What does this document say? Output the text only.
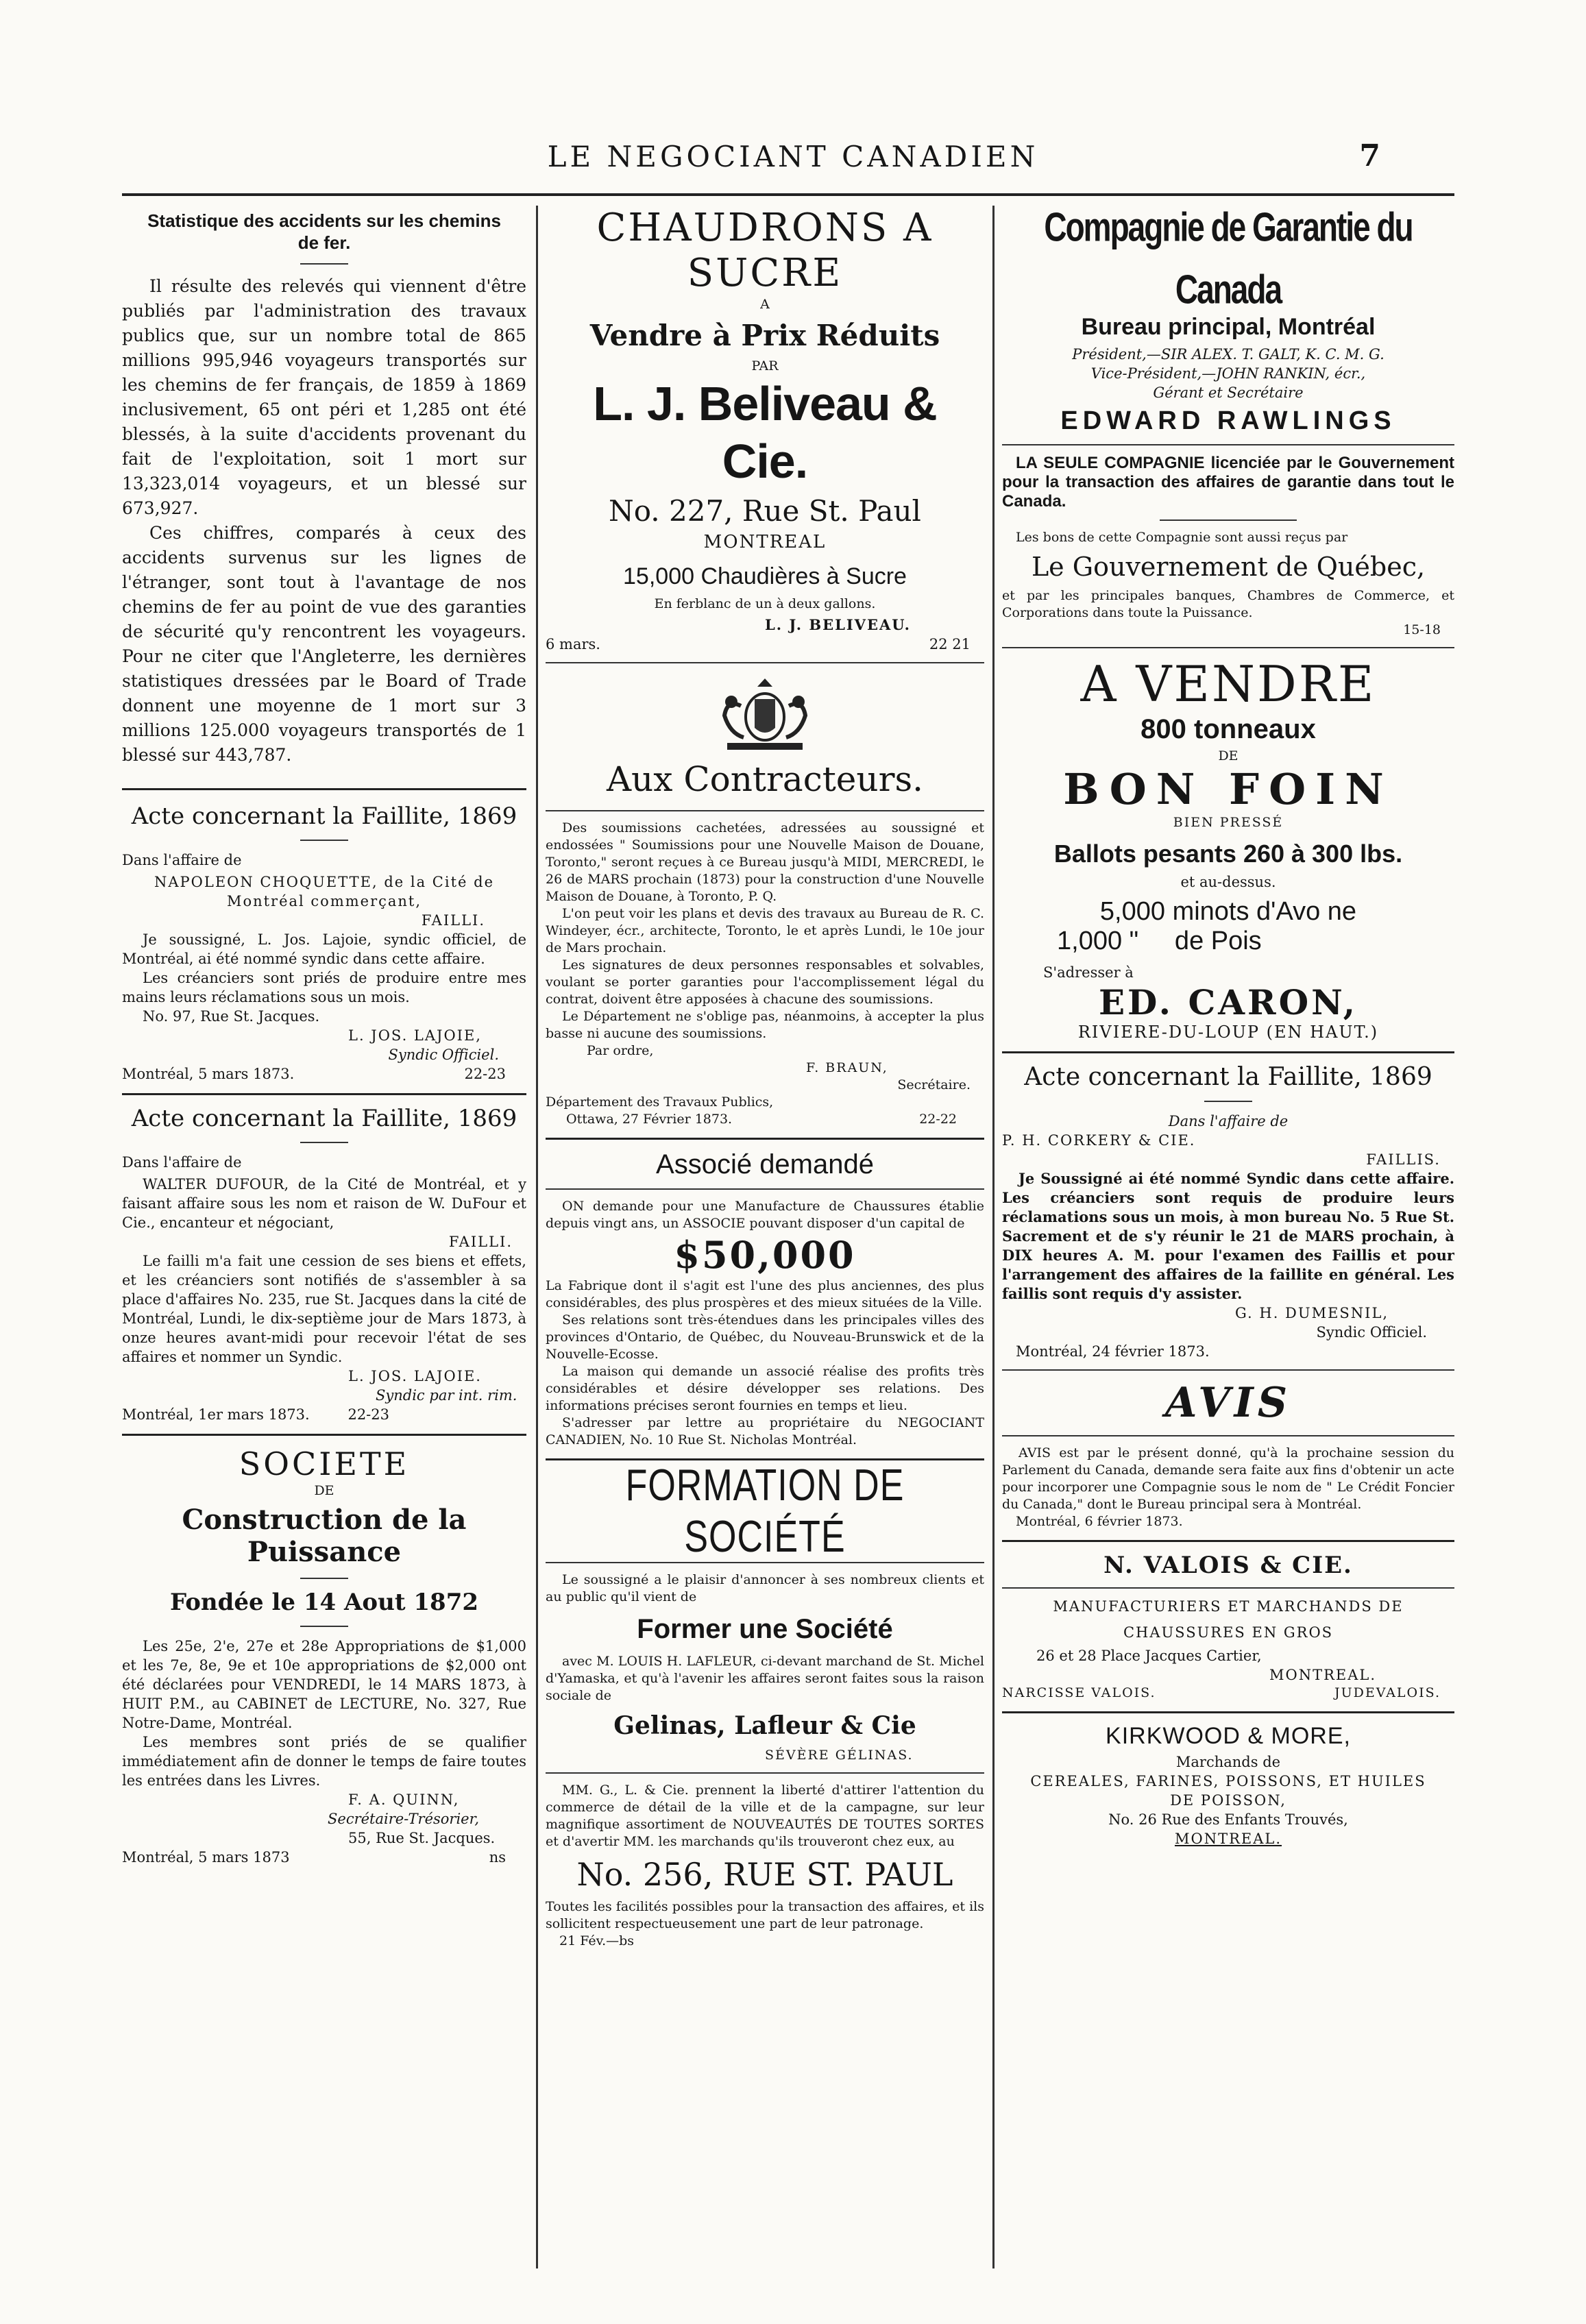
LE NEGOCIANT CANADIEN	7
Statistique des accidents sur les chemins de fer.

Il résulte des relevés qui viennent d'être publiés par l'administration des travaux publics que, sur un nombre total de 865 millions 995,946 voyageurs transportés sur les chemins de fer français, de 1859 à 1869 inclusivement, 65 ont péri et 1,285 ont été blessés, à la suite d'accidents provenant du fait de l'exploitation, soit 1 mort sur 13,323,014 voyageurs, et un blessé sur 673,927.

Ces chiffres, comparés à ceux des accidents survenus sur les lignes de l'étranger, sont tout à l'avantage de nos chemins de fer au point de vue des garanties de sécurité qu'y rencontrent les voyageurs. Pour ne citer que l'Angleterre, les dernières statistiques dressées par le Board of Trade donnent une moyenne de 1 mort sur 3 millions 125.000 voyageurs transportés de 1 blessé sur 443,787.

Acte concernant la Faillite, 1869
Dans l'affaire de

NAPOLEON CHOQUETTE, de la Cité de Montréal commerçant,

FAILLI.

Je soussigné, L. Jos. Lajoie, syndic officiel, de Montréal, ai été nommé syndic dans cette affaire.

Les créanciers sont priés de produire entre mes mains leurs réclamations sous un mois.

No. 97, Rue St. Jacques.
L. JOS. LAJOIE,
Syndic Officiel.
Montréal, 5 mars 1873.	22-23
Acte concernant la Faillite, 1869
Dans l'affaire de

WALTER DUFOUR, de la Cité de Montréal, et y faisant affaire sous les nom et raison de W. DuFour et Cie., encanteur et négociant,

FAILLI.

Le failli m'a fait une cession de ses biens et effets, et les créanciers sont notifiés de s'assembler à sa place d'affaires No. 235, rue St. Jacques dans la cité de Montréal, Lundi, le dix-septième jour de Mars 1873, à onze heures avant-midi pour recevoir l'état de ses affaires et nommer un Syndic.

L. JOS. LAJOIE.
Syndic par int. rim.
Montréal, 1er mars 1873.	22-23
SOCIETE
DE
Construction de la Puissance
Fondée le 14 Aout 1872

Les 25e, 2'e, 27e et 28e Appropriations de $1,000 et les 7e, 8e, 9e et 10e appropriations de $2,000 ont été déclarées pour VENDREDI, le 14 MARS 1873, à HUIT P.M., au CABINET de LECTURE, No. 327, Rue Notre-Dame, Montréal.

Les membres sont priés de se qualifier immédiatement afin de donner le temps de faire toutes les entrées dans les Livres.

F. A. QUINN,
Secrétaire-Trésorier,
55, Rue St. Jacques.
Montréal, 5 mars 1873	ns
CHAUDRONS A SUCRE
A
Vendre à Prix Réduits
PAR
L. J. Beliveau & Cie.
No. 227, Rue St. Paul
MONTREAL
15,000 Chaudières à Sucre
En ferblanc de un à deux gallons.
L. J. BELIVEAU.
6 mars.	22 21
Aux Contracteurs.

Des soumissions cachetées, adressées au soussigné et endossées " Soumissions pour une Nouvelle Maison de Douane, Toronto," seront reçues à ce Bureau jusqu'à MIDI, MERCREDI, le 26 de MARS prochain (1873) pour la construction d'une Nouvelle Maison de Douane, à Toronto, P. Q.

L'on peut voir les plans et devis des travaux au Bureau de R. C. Windeyer, écr., architecte, Toronto, le et après Lundi, le 10e jour de Mars prochain.

Les signatures de deux personnes responsables et solvables, voulant se porter garanties pour l'accomplissement légal du contrat, doivent être apposées à chacune des soumissions.

Le Département ne s'oblige pas, néanmoins, à accepter la plus basse ni aucune des soumissions.

Par ordre,
F. BRAUN,
Secrétaire.
Département des Travaux Publics,
Ottawa, 27 Février 1873.	22-22
Associé demandé

ON demande pour une Manufacture de Chaussures établie depuis vingt ans, un ASSOCIE pouvant disposer d'un capital de

$50,000

La Fabrique dont il s'agit est l'une des plus anciennes, des plus considérables, des plus prospères et des mieux situées de la Ville.

Ses relations sont très-étendues dans les principales villes des provinces d'Ontario, de Québec, du Nouveau-Brunswick et de la Nouvelle-Ecosse.

La maison qui demande un associé réalise des profits très considérables et désire développer ses relations. Des informations précises seront fournies en temps et lieu.

S'adresser par lettre au propriétaire du NEGOCIANT CANADIEN, No. 10 Rue St. Nicholas Montréal.

FORMATION DE SOCIÉTÉ

Le soussigné a le plaisir d'annoncer à ses nombreux clients et au public qu'il vient de

Former une Société

avec M. LOUIS H. LAFLEUR, ci-devant marchand de St. Michel d'Yamaska, et qu'à l'avenir les affaires seront faites sous la raison sociale de

Gelinas, Lafleur & Cie
SÉVÈRE GÉLINAS.

MM. G., L. & Cie. prennent la liberté d'attirer l'attention du commerce de détail de la ville et de la campagne, sur leur magnifique assortiment de NOUVEAUTÉS DE TOUTES SORTES et d'avertir MM. les marchands qu'ils trouveront chez eux, au

No. 256, RUE ST. PAUL

Toutes les facilités possibles pour la transaction des affaires, et ils sollicitent respectueusement une part de leur patronage.

21 Fév.—bs
Compagnie de Garantie du Canada
Bureau principal, Montréal
Président,—SIR ALEX. T. GALT, K. C. M. G.
Vice-Président,—JOHN RANKIN, écr.,
Gérant et Secrétaire
EDWARD RAWLINGS

LA SEULE COMPAGNIE licenciée par le Gouvernement pour la transaction des affaires de garantie dans tout le Canada.

Les bons de cette Compagnie sont aussi reçus par

Le Gouvernement de Québec,

et par les principales banques, Chambres de Commerce, et Corporations dans toute la Puissance.

15-18
A VENDRE
800 tonneaux
DE
BON FOIN
BIEN PRESSÉ
Ballots pesants 260 à 300 lbs.
et au-dessus.
5,000 minots d'Avo ne
1,000 "     de Pois
S'adresser à
ED. CARON,
RIVIERE-DU-LOUP (EN HAUT.)
Acte concernant la Faillite, 1869
Dans l'affaire de
P. H. CORKERY & CIE.
FAILLIS.

Je Soussigné ai été nommé Syndic dans cette affaire. Les créanciers sont requis de produire leurs réclamations sous un mois, à mon bureau No. 5 Rue St. Sacrement et de s'y réunir le 21 de MARS prochain, à DIX heures A. M. pour l'examen des Faillis et pour l'arrangement des affaires de la faillite en général. Les faillis sont requis d'y assister.

G. H. DUMESNIL,
Syndic Officiel.
Montréal, 24 février 1873.
AVIS

AVIS est par le présent donné, qu'à la prochaine session du Parlement du Canada, demande sera faite aux fins d'obtenir un acte pour incorporer une Compagnie sous le nom de " Le Crédit Foncier du Canada," dont le Bureau principal sera à Montréal.

Montréal, 6 février 1873.
N. VALOIS & CIE.
MANUFACTURIERS ET MARCHANDS DE
CHAUSSURES EN GROS
26 et 28 Place Jacques Cartier,
MONTREAL.
NARCISSE VALOIS.	JUDEVALOIS.
KIRKWOOD & MORE,
Marchands de
CEREALES, FARINES, POISSONS, ET HUILES
DE POISSON,
No. 26 Rue des Enfants Trouvés,
MONTREAL.
